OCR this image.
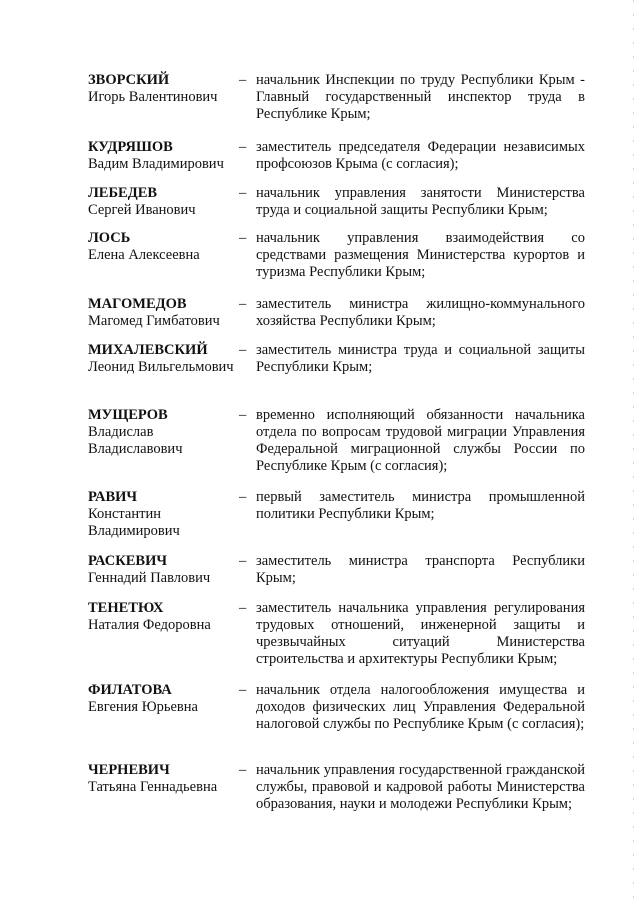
ЗВОРСКИЙ
Игорь Валентинович
– начальник Инспекции по труду Республики Крым - Главный государственный инспектор труда в Республике Крым;
КУДРЯШОВ
Вадим Владимирович
– заместитель председателя Федерации независимых профсоюзов Крыма (с согласия);
ЛЕБЕДЕВ
Сергей Иванович
– начальник управления занятости Министерства труда и социальной защиты Республики Крым;
ЛОСЬ
Елена Алексеевна
– начальник управления взаимодействия со средствами размещения Министерства курортов и туризма Республики Крым;
МАГОМЕДОВ
Магомед Гимбатович
– заместитель министра жилищно-коммунального хозяйства Республики Крым;
МИХАЛЕВСКИЙ
Леонид Вильгельмович
– заместитель министра труда и социальной защиты Республики Крым;
МУЩЕРОВ
Владислав Владиславович
– временно исполняющий обязанности начальника отдела по вопросам трудовой миграции Управления Федеральной миграционной службы России по Республике Крым (с согласия);
РАВИЧ
Константин Владимирович
– первый заместитель министра промышленной политики Республики Крым;
РАСКЕВИЧ
Геннадий Павлович
– заместитель министра транспорта Республики Крым;
ТЕНЕТЮХ
Наталия Федоровна
– заместитель начальника управления регулирования трудовых отношений, инженерной защиты и чрезвычайных ситуаций Министерства строительства и архитектуры Республики Крым;
ФИЛАТОВА
Евгения Юрьевна
– начальник отдела налогообложения имущества и доходов физических лиц Управления Федеральной налоговой службы по Республике Крым (с согласия);
ЧЕРНЕВИЧ
Татьяна Геннадьевна
– начальник управления государственной гражданской службы, правовой и кадровой работы Министерства образования, науки и молодежи Республики Крым;
